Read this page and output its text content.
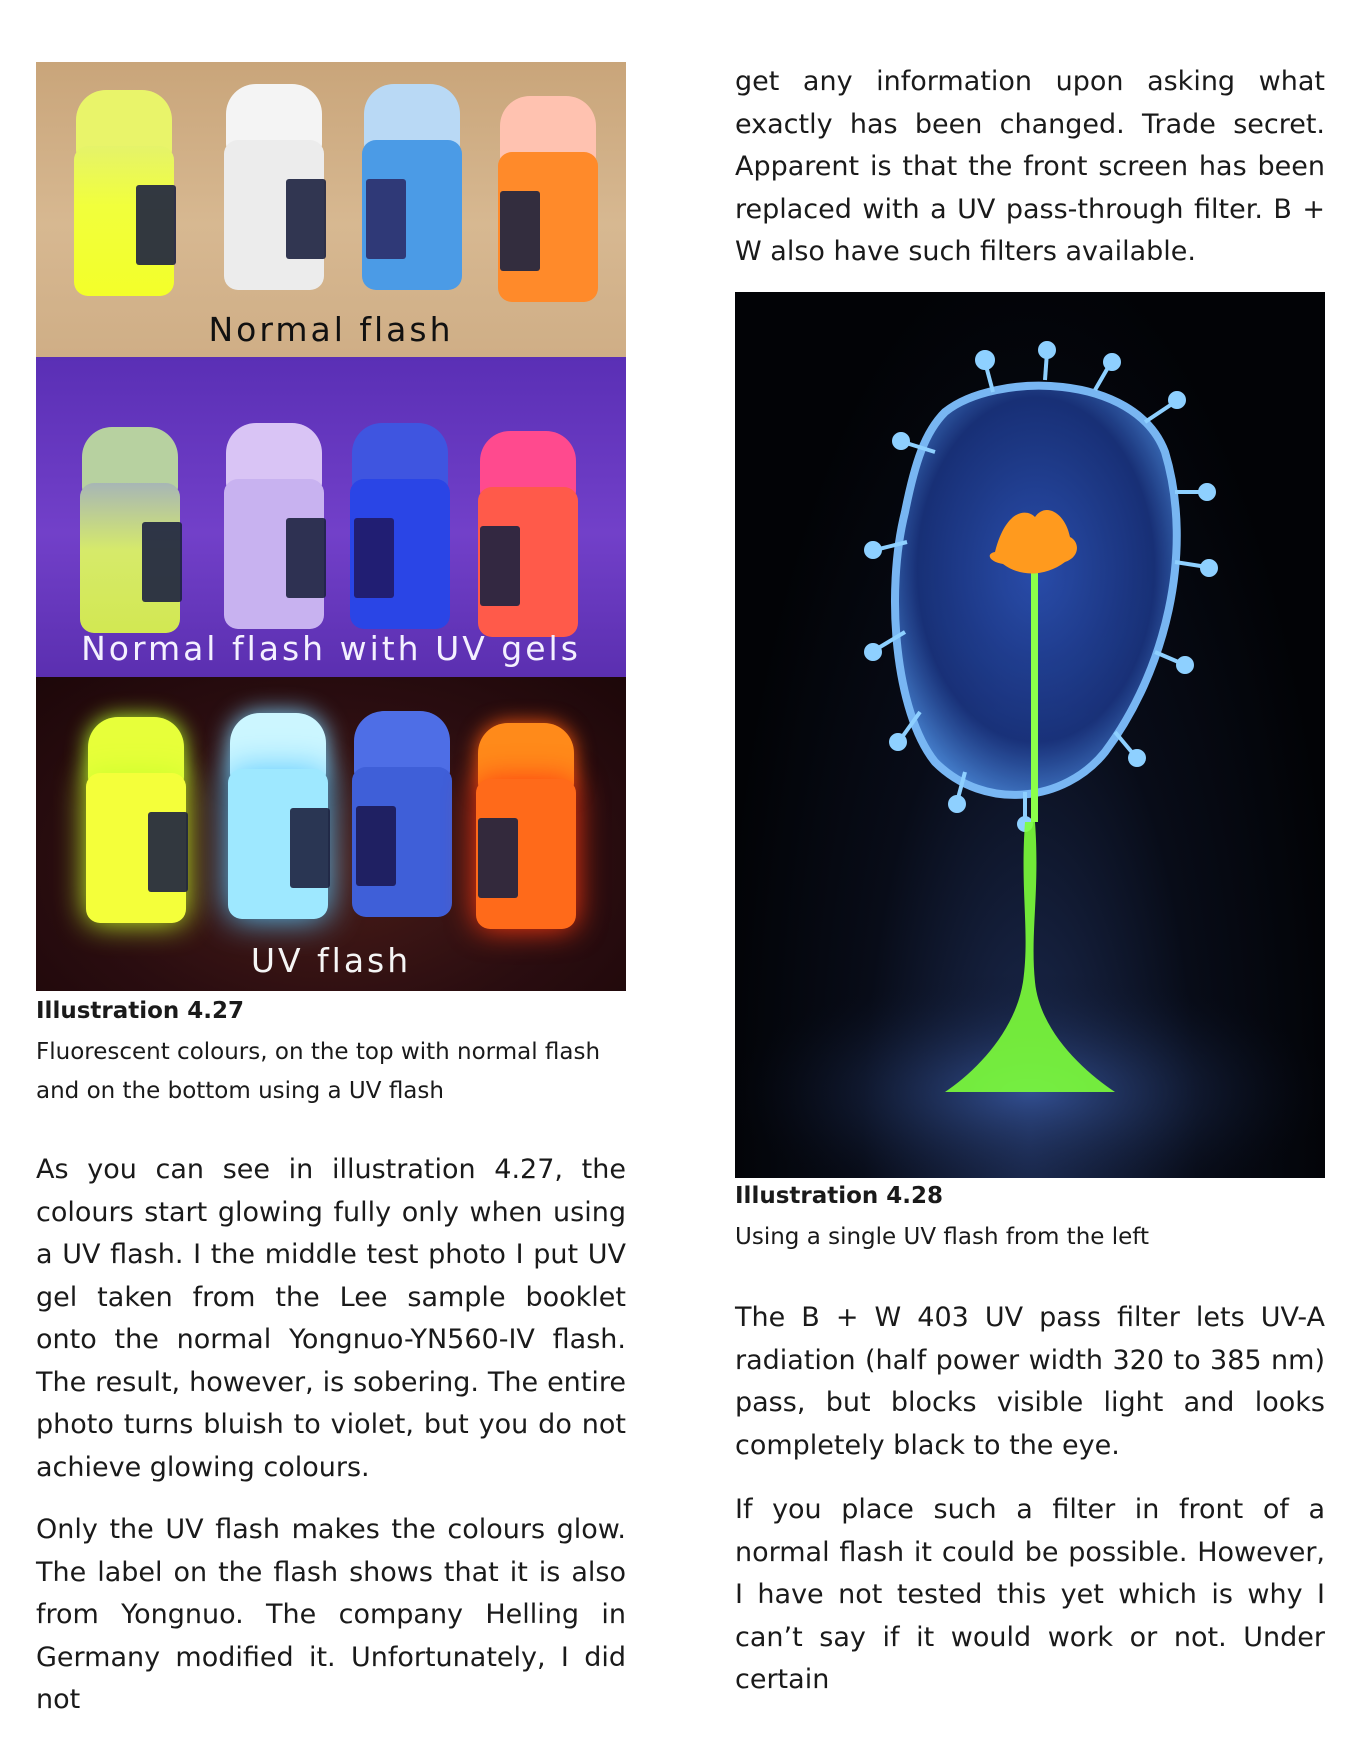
Normal flash
Normal flash with UV gels
UV flash
Illustration 4.27
Fluorescent colours, on the top with normal flash and on the bottom using a UV flash
As you can see in illustration 4.27, the colours start glowing fully only when using a UV flash. I the middle test photo I put UV gel taken from the Lee sample booklet onto the normal Yongnuo-YN560-IV flash. The result, however, is sobering. The entire photo turns bluish to violet, but you do not achieve glowing colours.
Only the UV flash makes the colours glow. The label on the flash shows that it is also from Yongnuo. The company Helling in Germany modified it. Unfortunately, I did not
get any information upon asking what exactly has been changed. Trade secret. Apparent is that the front screen has been replaced with a UV pass-through filter. B + W also have such filters available.
Illustration 4.28
Using a single UV flash from the left
The B + W 403 UV pass filter lets UV-A radiation (half power width 320 to 385 nm) pass, but blocks visible light and looks completely black to the eye.
If you place such a filter in front of a normal flash it could be possible. However, I have not tested this yet which is why I can’t say if it would work or not. Under certain
